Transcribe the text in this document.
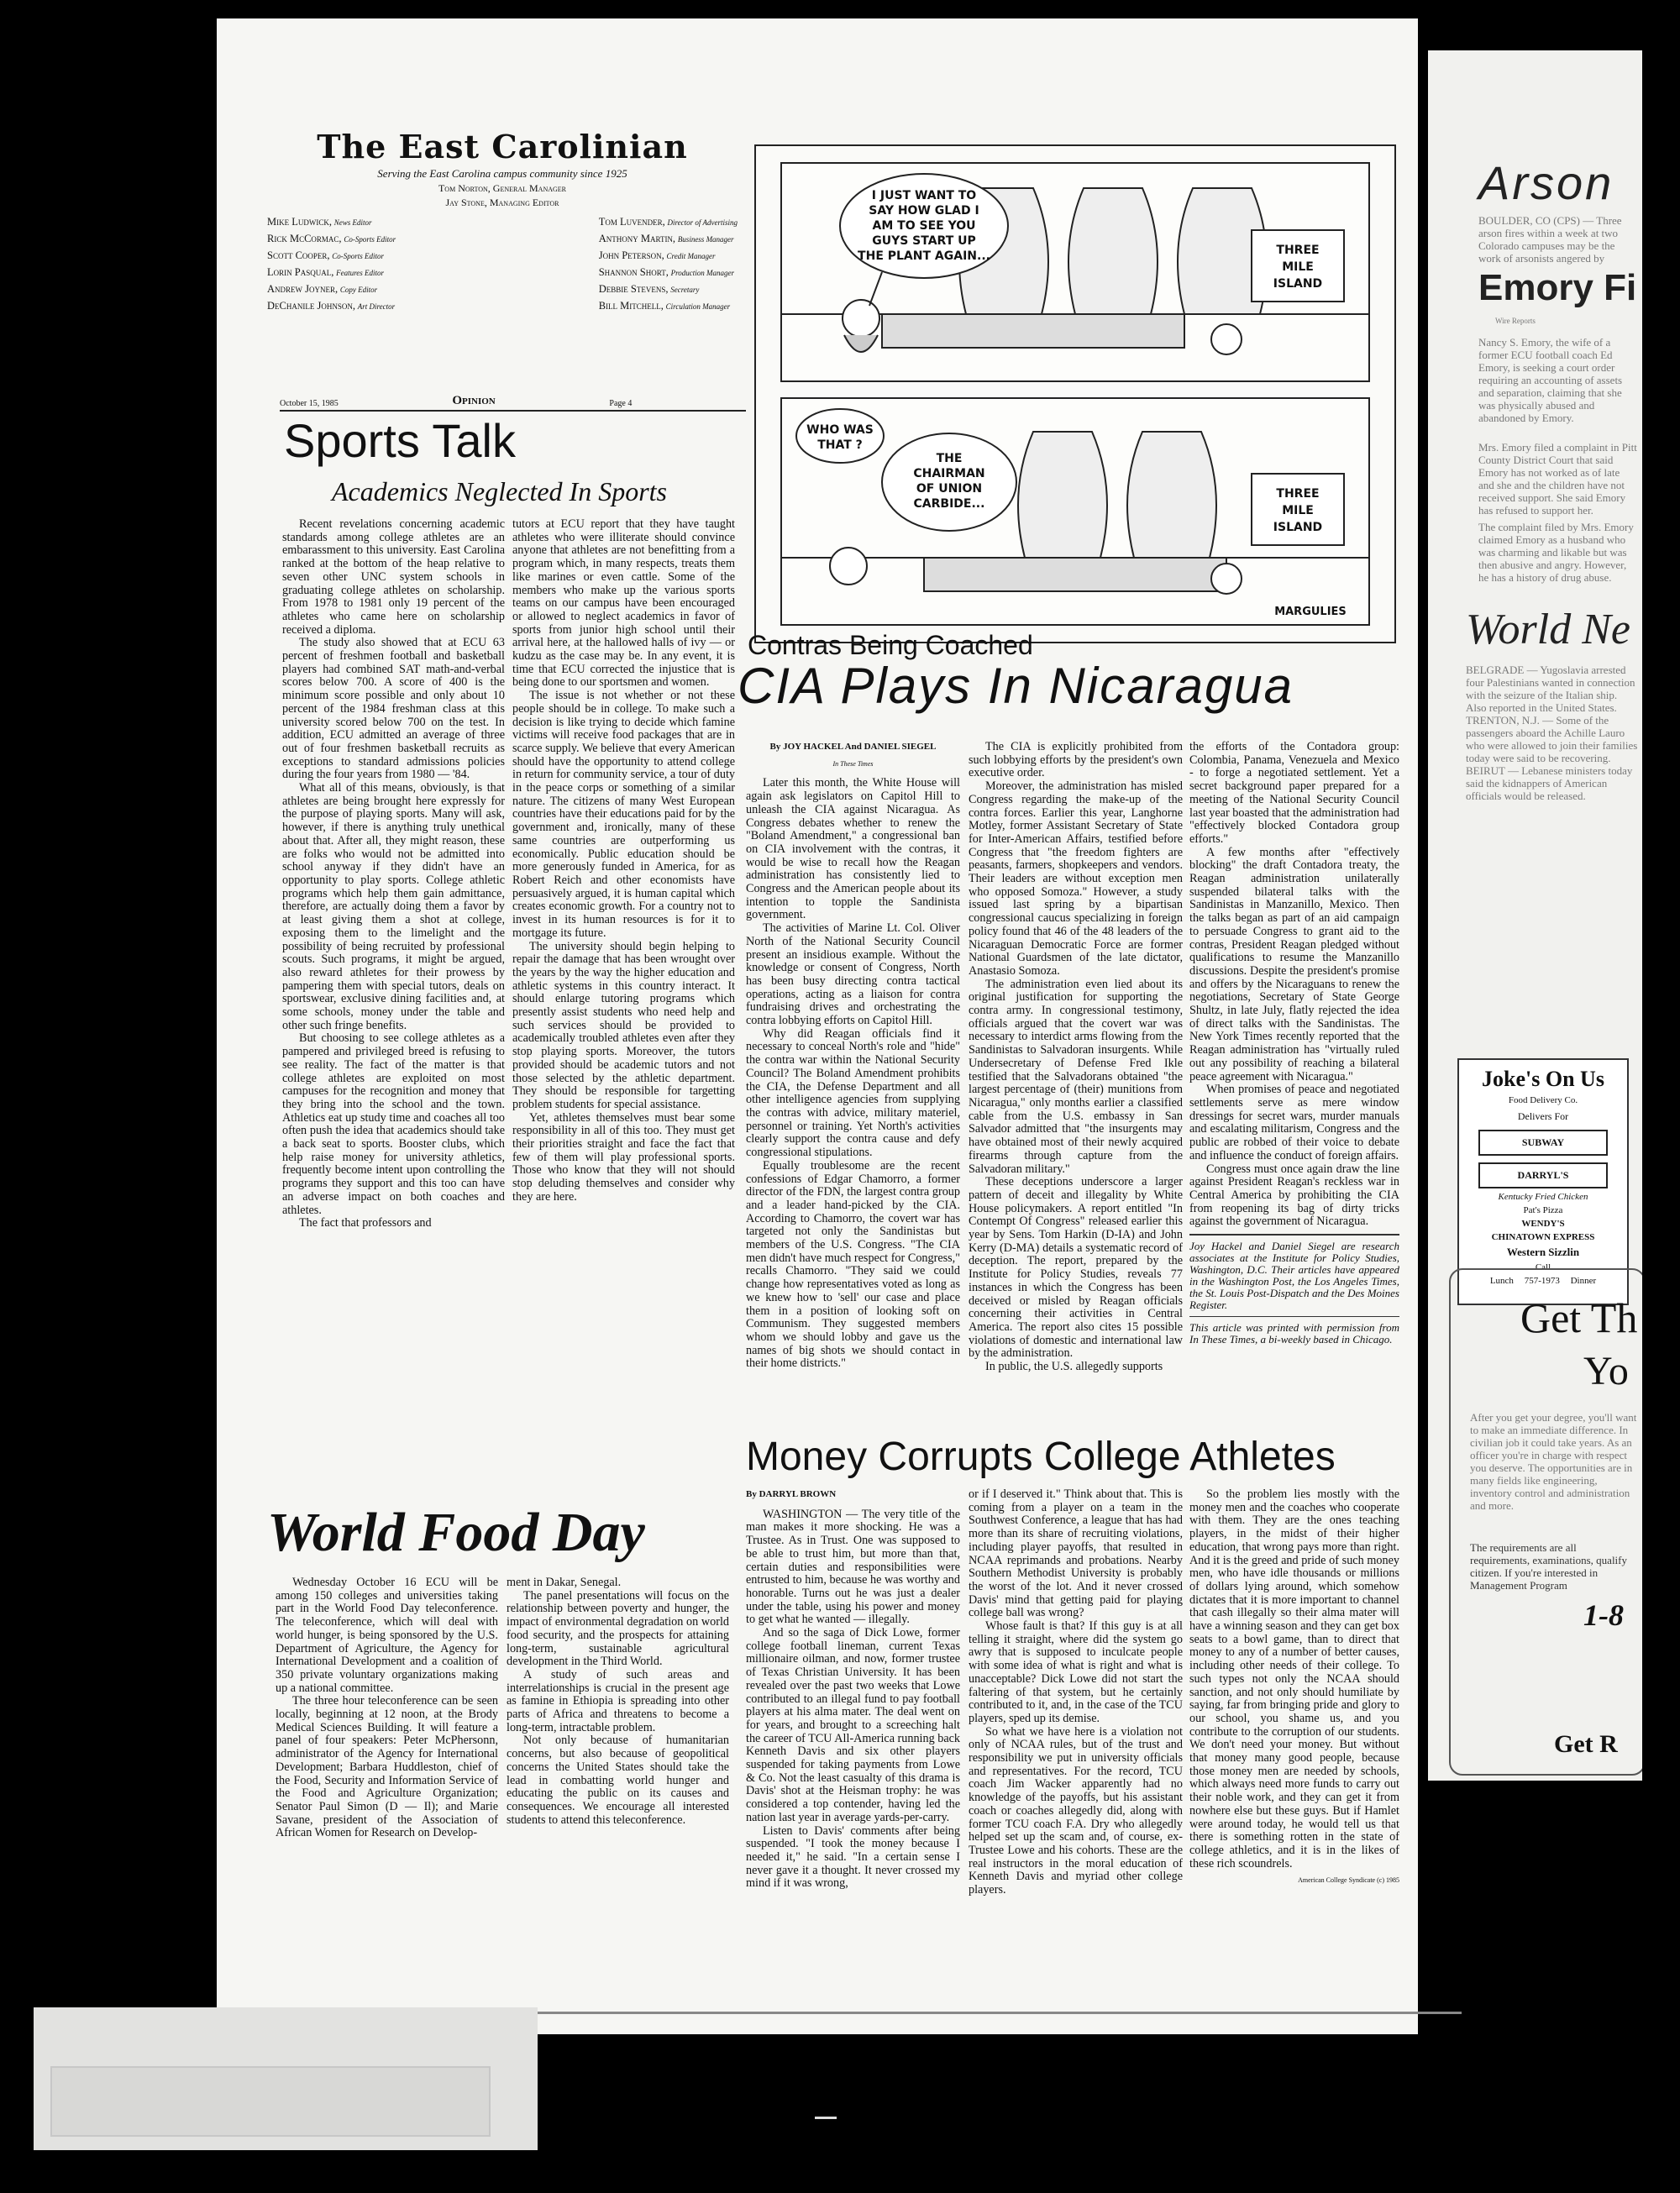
The East Carolinian
Serving the East Carolina campus community since 1925
Tom Norton, General Manager
Jay Stone, Managing Editor
Mike Ludwick, News Editor
Rick McCormac, Co-Sports Editor
Scott Cooper, Co-Sports Editor
Lorin Pasqual, Features Editor
Andrew Joyner, Copy Editor
DeChanile Johnson, Art Director
Tom Luvender, Director of Advertising
Anthony Martin, Business Manager
John Peterson, Credit Manager
Shannon Short, Production Manager
Debbie Stevens, Secretary
Bill Mitchell, Circulation Manager
October 15, 1985	Opinion	Page 4
I JUST WANT TO
SAY HOW GLAD I
AM TO SEE YOU
GUYS START UP
THE PLANT AGAIN...	THREE
MILE
ISLAND
WHO WAS
THAT ?
THE
CHAIRMAN
OF UNION
CARBIDE...
THREE
MILE
ISLAND
MARGULIES
Sports Talk
Academics Neglected In Sports

Recent revelations concerning academic standards among college athletes are an embarassment to this university. East Carolina ranked at the bottom of the heap relative to seven other UNC system schools in graduating college athletes on scholarship. From 1978 to 1981 only 19 percent of the athletes who came here on scholarship received a diploma.

The study also showed that at ECU 63 percent of freshmen football and basketball players had combined SAT math-and-verbal scores below 700. A score of 400 is the minimum score possible and only about 10 percent of the 1984 freshman class at this university scored below 700 on the test. In addition, ECU admitted an average of three out of four freshmen basketball recruits as exceptions to standard admissions policies during the four years from 1980 — '84.

What all of this means, obviously, is that athletes are being brought here expressly for the purpose of playing sports. Many will ask, however, if there is anything truly unethical about that. After all, they might reason, these are folks who would not be admitted into school anyway if they didn't have an opportunity to play sports. College athletic programs which help them gain admittance, therefore, are actually doing them a favor by at least giving them a shot at college, exposing them to the limelight and the possibility of being recruited by professional scouts. Such programs, it might be argued, also reward athletes for their prowess by pampering them with special tutors, deals on sportswear, exclusive dining facilities and, at some schools, money under the table and other such fringe benefits.

But choosing to see college athletes as a pampered and privileged breed is refusing to see reality. The fact of the matter is that college athletes are exploited on most campuses for the recognition and money that they bring into the school and the town. Athletics eat up study time and coaches all too often push the idea that academics should take a back seat to sports. Booster clubs, which help raise money for university athletics, frequently become intent upon controlling the programs they support and this too can have an adverse impact on both coaches and athletes.

The fact that professors and

tutors at ECU report that they have taught athletes who were illiterate should convince anyone that athletes are not benefitting from a program which, in many respects, treats them like marines or even cattle. Some of the members who make up the various sports teams on our campus have been encouraged or allowed to neglect academics in favor of sports from junior high school until their arrival here, at the hallowed halls of ivy — or kudzu as the case may be. In any event, it is time that ECU corrected the injustice that is being done to our sportsmen and women.

The issue is not whether or not these people should be in college. To make such a decision is like trying to decide which famine victims will receive food packages that are in scarce supply. We believe that every American should have the opportunity to attend college in return for community service, a tour of duty in the peace corps or something of a similar nature. The citizens of many West European countries have their educations paid for by the government and, ironically, many of these same countries are outperforming us economically. Public education should be more generously funded in America, for as Robert Reich and other economists have persuasively argued, it is human capital which creates economic growth. For a country not to invest in its human resources is for it to mortgage its future.

The university should begin helping to repair the damage that has been wrought over the years by the way the higher education and athletic systems in this country interact. It should enlarge tutoring programs which presently assist students who need help and such services should be provided to academically troubled athletes even after they stop playing sports. Moreover, the tutors provided should be academic tutors and not those selected by the athletic department. They should be responsible for targetting problem students for special assistance.

Yet, athletes themselves must bear some responsibility in all of this too. They must get their priorities straight and face the fact that few of them will play professional sports. Those who know that they will not should stop deluding themselves and consider why they are here.

World Food Day

Wednesday October 16 ECU will be among 150 colleges and universities taking part in the World Food Day teleconference. The teleconference, which will deal with world hunger, is being sponsored by the U.S. Department of Agriculture, the Agency for International Development and a coalition of 350 private voluntary organizations making up a national committee.

The three hour teleconference can be seen locally, beginning at 12 noon, at the Brody Medical Sciences Building. It will feature a panel of four speakers: Peter McPhersonn, administrator of the Agency for International Development; Barbara Huddleston, chief of the Food, Security and Information Service of the Food and Agriculture Organization; Senator Paul Simon (D — Il); and Marie Savane, president of the Association of African Women for Research on Develop-

ment in Dakar, Senegal.

The panel presentations will focus on the relationship between poverty and hunger, the impact of environmental degradation on world food security, and the prospects for attaining long-term, sustainable agricultural development in the Third World.

A study of such areas and interrelationships is crucial in the present age as famine in Ethiopia is spreading into other parts of Africa and threatens to become a long-term, intractable problem.

Not only because of humanitarian concerns, but also because of geopolitical concerns the United States should take the lead in combatting world hunger and educating the public on its causes and consequences. We encourage all interested students to attend this teleconference.

Contras Being Coached
CIA Plays In Nicaragua
By JOY HACKEL And DANIEL SIEGEL
In These Times

Later this month, the White House will again ask legislators on Capitol Hill to unleash the CIA against Nicaragua. As Congress debates whether to renew the "Boland Amendment," a congressional ban on CIA involvement with the contras, it would be wise to recall how the Reagan administration has consistently lied to Congress and the American people about its intention to topple the Sandinista government.

The activities of Marine Lt. Col. Oliver North of the National Security Council present an insidious example. Without the knowledge or consent of Congress, North has been busy directing contra tactical operations, acting as a liaison for contra fundraising drives and orchestrating the contra lobbying efforts on Capitol Hill.

Why did Reagan officials find it necessary to conceal North's role and "hide" the contra war within the National Security Council? The Boland Amendment prohibits the CIA, the Defense Department and all other intelligence agencies from supplying the contras with advice, military materiel, personnel or training. Yet North's activities clearly support the contra cause and defy congressional stipulations.

Equally troublesome are the recent confessions of Edgar Chamorro, a former director of the FDN, the largest contra group and a leader hand-picked by the CIA. According to Chamorro, the covert war has targeted not only the Sandinistas but members of the U.S. Congress. "The CIA men didn't have much respect for Congress," recalls Chamorro. "They said we could change how representatives voted as long as we knew how to 'sell' our case and place them in a position of looking soft on Communism. They suggested members whom we should lobby and gave us the names of big shots we should contact in their home districts."

The CIA is explicitly prohibited from such lobbying efforts by the president's own executive order.

Moreover, the administration has misled Congress regarding the make-up of the contra forces. Earlier this year, Langhorne Motley, former Assistant Secretary of State for Inter-American Affairs, testified before Congress that "the freedom fighters are peasants, farmers, shopkeepers and vendors. Their leaders are without exception men who opposed Somoza." However, a study issued last spring by a bipartisan congressional caucus specializing in foreign policy found that 46 of the 48 leaders of the Nicaraguan Democratic Force are former National Guardsmen of the late dictator, Anastasio Somoza.

The administration even lied about its original justification for supporting the contra army. In congressional testimony, officials argued that the covert war was necessary to interdict arms flowing from the Sandinistas to Salvadoran insurgents. While Undersecretary of Defense Fred Ikle testified that the Salvadorans obtained "the largest percentage of (their) munitions from Nicaragua," only months earlier a classified cable from the U.S. embassy in San Salvador admitted that "the insurgents may have obtained most of their newly acquired firearms through capture from the Salvadoran military."

These deceptions underscore a larger pattern of deceit and illegality by White House policymakers. A report entitled "In Contempt Of Congress" released earlier this year by Sens. Tom Harkin (D-IA) and John Kerry (D-MA) details a systematic record of deception. The report, prepared by the Institute for Policy Studies, reveals 77 instances in which the Congress has been deceived or misled by Reagan officials concerning their activities in Central America. The report also cites 15 possible violations of domestic and international law by the administration.

In public, the U.S. allegedly supports

the efforts of the Contadora group: Colombia, Panama, Venezuela and Mexico - to forge a negotiated settlement. Yet a secret background paper prepared for a meeting of the National Security Council last year boasted that the administration had "effectively blocked Contadora group efforts."

A few months after "effectively blocking" the draft Contadora treaty, the Reagan administration unilaterally suspended bilateral talks with the Sandinistas in Manzanillo, Mexico. Then the talks began as part of an aid campaign to persuade Congress to grant aid to the contras, President Reagan pledged without qualifications to resume the Manzanillo discussions. Despite the president's promise and offers by the Nicaraguans to renew the negotiations, Secretary of State George Shultz, in late July, flatly rejected the idea of direct talks with the Sandinistas. The New York Times recently reported that the Reagan administration has "virtually ruled out any possibility of reaching a bilateral peace agreement with Nicaragua."

When promises of peace and negotiated settlements serve as mere window dressings for secret wars, murder manuals and escalating militarism, Congress and the public are robbed of their voice to debate and influence the conduct of foreign affairs.

Congress must once again draw the line against President Reagan's reckless war in Central America by prohibiting the CIA from reopening its bag of dirty tricks against the government of Nicaragua.

Joy Hackel and Daniel Siegel are research associates at the Institute for Policy Studies, Washington, D.C. Their articles have appeared in the Washington Post, the Los Angeles Times, the St. Louis Post-Dispatch and the Des Moines Register.
This article was printed with permission from In These Times, a bi-weekly based in Chicago.
Money Corrupts College Athletes
By DARRYL BROWN

WASHINGTON — The very title of the man makes it more shocking. He was a Trustee. As in Trust. One was supposed to be able to trust him, but more than that, certain duties and responsibilities were entrusted to him, because he was worthy and honorable. Turns out he was just a dealer under the table, using his power and money to get what he wanted — illegally.

And so the saga of Dick Lowe, former college football lineman, current Texas millionaire oilman, and now, former trustee of Texas Christian University. It has been revealed over the past two weeks that Lowe contributed to an illegal fund to pay football players at his alma mater. The deal went on for years, and brought to a screeching halt the career of TCU All-America running back Kenneth Davis and six other players suspended for taking payments from Lowe & Co. Not the least casualty of this drama is Davis' shot at the Heisman trophy: he was considered a top contender, having led the nation last year in average yards-per-carry.

Listen to Davis' comments after being suspended. "I took the money because I needed it," he said. "In a certain sense I never gave it a thought. It never crossed my mind if it was wrong,

or if I deserved it." Think about that. This is coming from a player on a team in the Southwest Conference, a league that has had more than its share of recruiting violations, including player payoffs, that resulted in NCAA reprimands and probations. Nearby Southern Methodist University is probably the worst of the lot. And it never crossed Davis' mind that getting paid for playing college ball was wrong?

Whose fault is that? If this guy is at all telling it straight, where did the system go awry that is supposed to inculcate people with some idea of what is right and what is unacceptable? Dick Lowe did not start the faltering of that system, but he certainly contributed to it, and, in the case of the TCU players, sped up its demise.

So what we have here is a violation not only of NCAA rules, but of the trust and responsibility we put in university officials and representatives. For the record, TCU coach Jim Wacker apparently had no knowledge of the payoffs, but his assistant coach or coaches allegedly did, along with former TCU coach F.A. Dry who allegedly helped set up the scam and, of course, ex-Trustee Lowe and his cohorts. These are the real instructors in the moral education of Kenneth Davis and myriad other college players.

So the problem lies mostly with the money men and the coaches who cooperate with them. They are the ones teaching players, in the midst of their higher education, that wrong pays more than right. And it is the greed and pride of such money men, who have idle thousands or millions of dollars lying around, which somehow dictates that it is more important to channel that cash illegally so their alma mater will have a winning season and they can get box seats to a bowl game, than to direct that money to any of a number of better causes, including other needs of their college. To such types not only the NCAA should sanction, and not only should humiliate by saying, far from bringing pride and glory to our school, you shame us, and you contribute to the corruption of our students. We don't need your money. But without that money many good people, because those money men are needed by schools, which always need more funds to carry out their noble work, and they can get it from nowhere else but these guys. But if Hamlet were around today, he would tell us that there is something rotten in the state of college athletics, and it is in the likes of these rich scoundrels.

American College Syndicate (c) 1985
Arson
BOULDER, CO (CPS) — Three arson fires within a week at two Colorado campuses may be the work of arsonists angered by
Emory Fi
Wire Reports
Nancy S. Emory, the wife of a former ECU football coach Ed Emory, is seeking a court order requiring an accounting of assets and separation, claiming that she was physically abused and abandoned by Emory.
Mrs. Emory filed a complaint in Pitt County District Court that said Emory has not worked as of late and she and the children have not received support. She said Emory has refused to support her.
The complaint filed by Mrs. Emory claimed Emory as a husband who was charming and likable but was then abusive and angry. However, he has a history of drug abuse.
World Ne
BELGRADE — Yugoslavia arrested four Palestinians wanted in connection with the seizure of the Italian ship. Also reported in the United States. TRENTON, N.J. — Some of the passengers aboard the Achille Lauro who were allowed to join their families today were said to be recovering. BEIRUT — Lebanese ministers today said the kidnappers of American officials would be released.
Joke's On Us
Food Delivery Co.
Delivers For
SUBWAY
DARRYL'S
Kentucky Fried Chicken
Pat's Pizza
WENDY'S
CHINATOWN EXPRESS
Western Sizzlin
Call
Lunch 757-1973 Dinner
Get Th
Yo
After you get your degree, you'll want to make an immediate difference. In civilian job it could take years. As an officer you're in charge with respect you deserve. The opportunities are in many fields like engineering, inventory control and administration and more.
The requirements are all requirements, examinations, qualify citizen. If you're interested in Management Program
1-8
Get R
